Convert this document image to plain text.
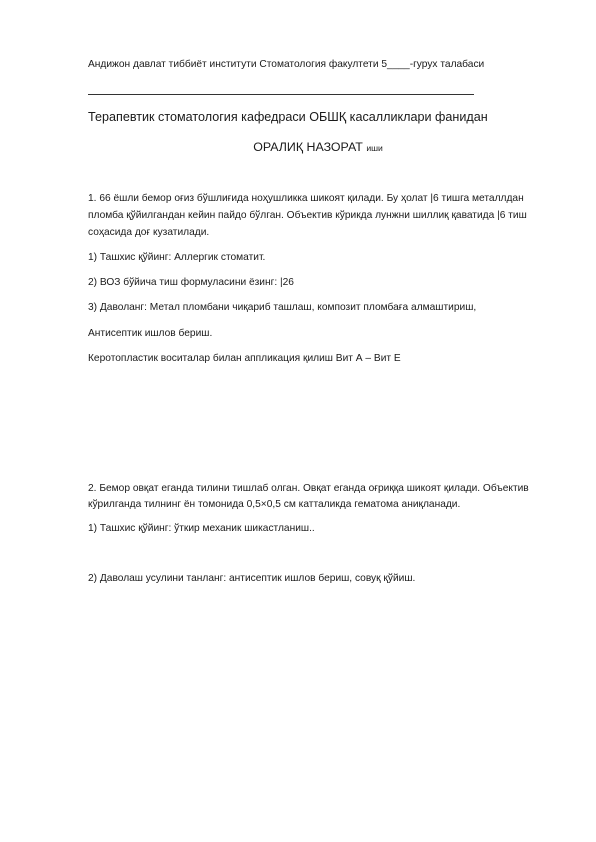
Андижон давлат тиббиёт институти Стоматология факултети 5____-гурух талабаси
Терапевтик стоматология кафедраси ОБШҚ касалликлари фанидан
ОРАЛИҚ НАЗОРАТ иши
1. 66 ёшли бемор оғиз бўшлиғида ноҳушликка шикоят қилади. Бу ҳолат |6 тишга металлдан
пломба қўйилгандан кейин пайдо бўлган. Объектив кўрикда лунжни шиллиқ қаватида |6 тиш
соҳасида доғ кузатилади.
1) Ташхис қўйинг: Аллергик стоматит.
2) ВОЗ бўйича тиш формуласини ёзинг: |26
3) Даволанг: Метал пломбани чиқариб ташлаш, композит пломбаға алмаштириш,
Антисептик ишлов бериш.
Керотопластик воситалар билан аппликация қилиш Вит А – Вит Е
2. Бемор овқат еганда тилини тишлаб олган. Овқат еганда оғриққа шикоят қилади. Объектив
кўрилганда тилнинг ён томонида 0,5×0,5 см катталикда гематома аниқланади.
1) Ташхис қўйинг: ўткир механик шикастланиш..
2) Даволаш усулини танланг: антисептик ишлов бериш, совуқ қўйиш.
